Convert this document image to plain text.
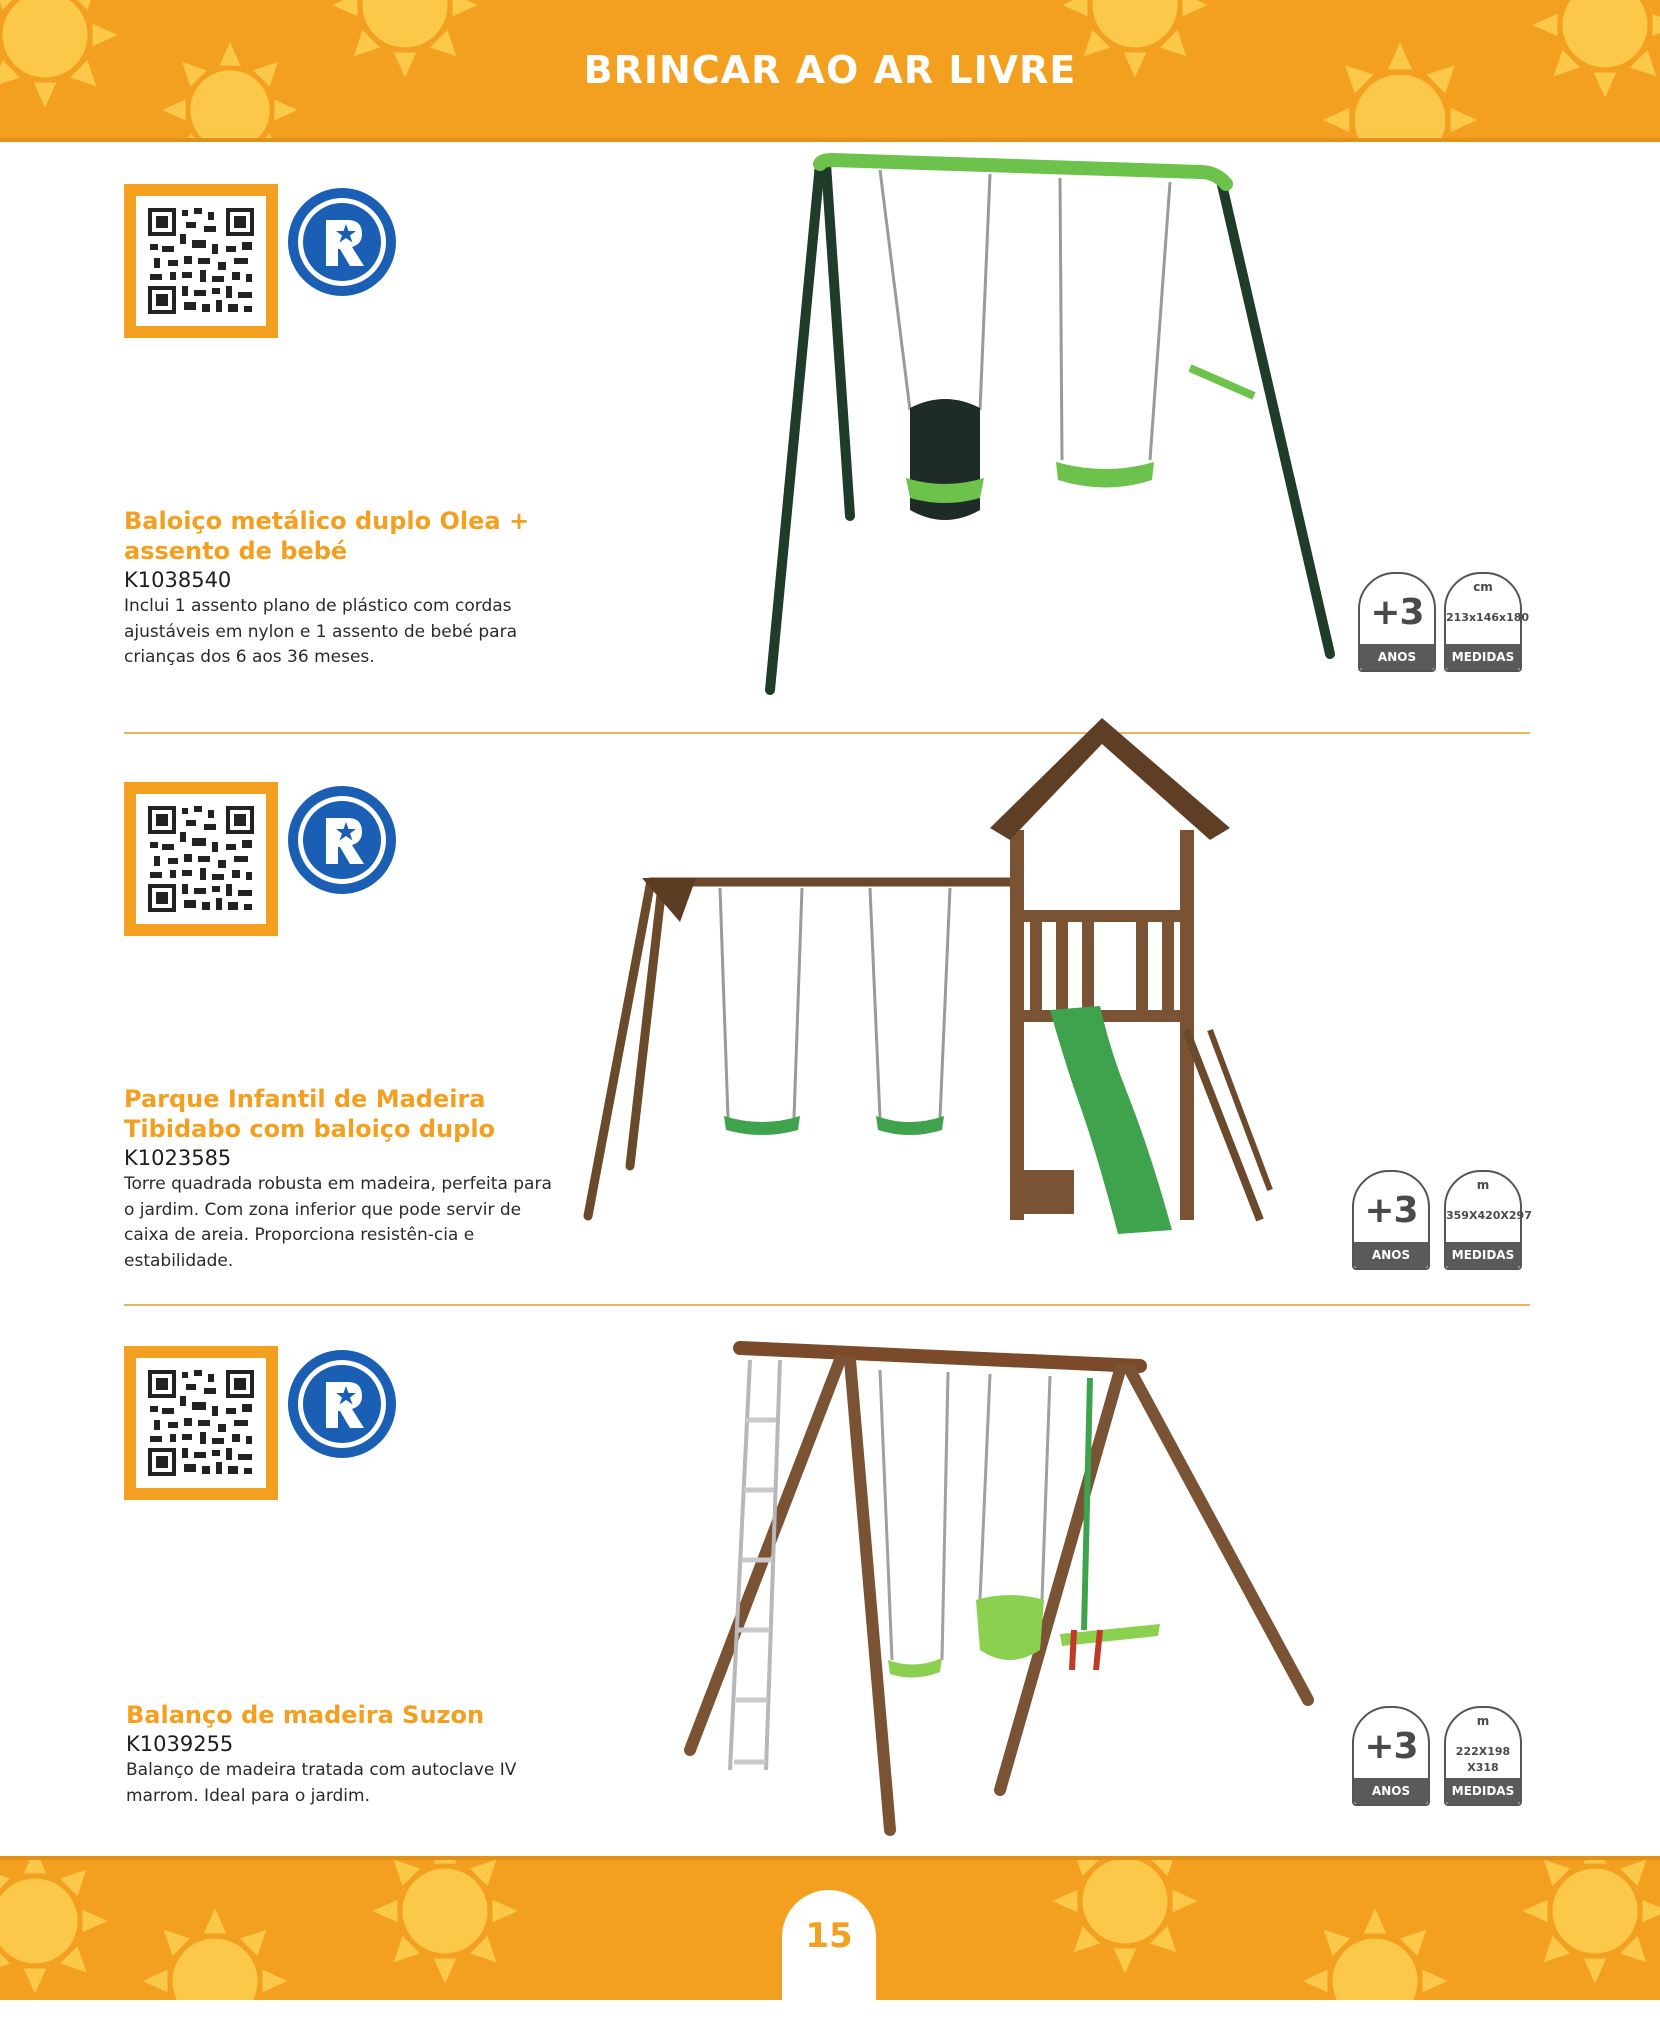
BRINCAR AO AR LIVRE

Baloiço metálico duplo Olea + assento de bebé

K1038540

Inclui 1 assento plano de plástico com cordas ajustáveis em nylon e 1 assento de bebé para crianças dos 6 aos 36 meses.

+3
ANOS
cm
213x146x180
MEDIDAS

Parque Infantil de Madeira Tibidabo com baloiço duplo

K1023585

Torre quadrada robusta em madeira, perfeita para o jardim. Com zona inferior que pode servir de caixa de areia. Proporciona resistên-cia e estabilidade.

+3
ANOS
m
359X420X297
MEDIDAS

Balanço de madeira Suzon

K1039255

Balanço de madeira tratada com autoclave IV marrom. Ideal para o jardim.

+3
ANOS
m
222X198 X318
MEDIDAS
15
